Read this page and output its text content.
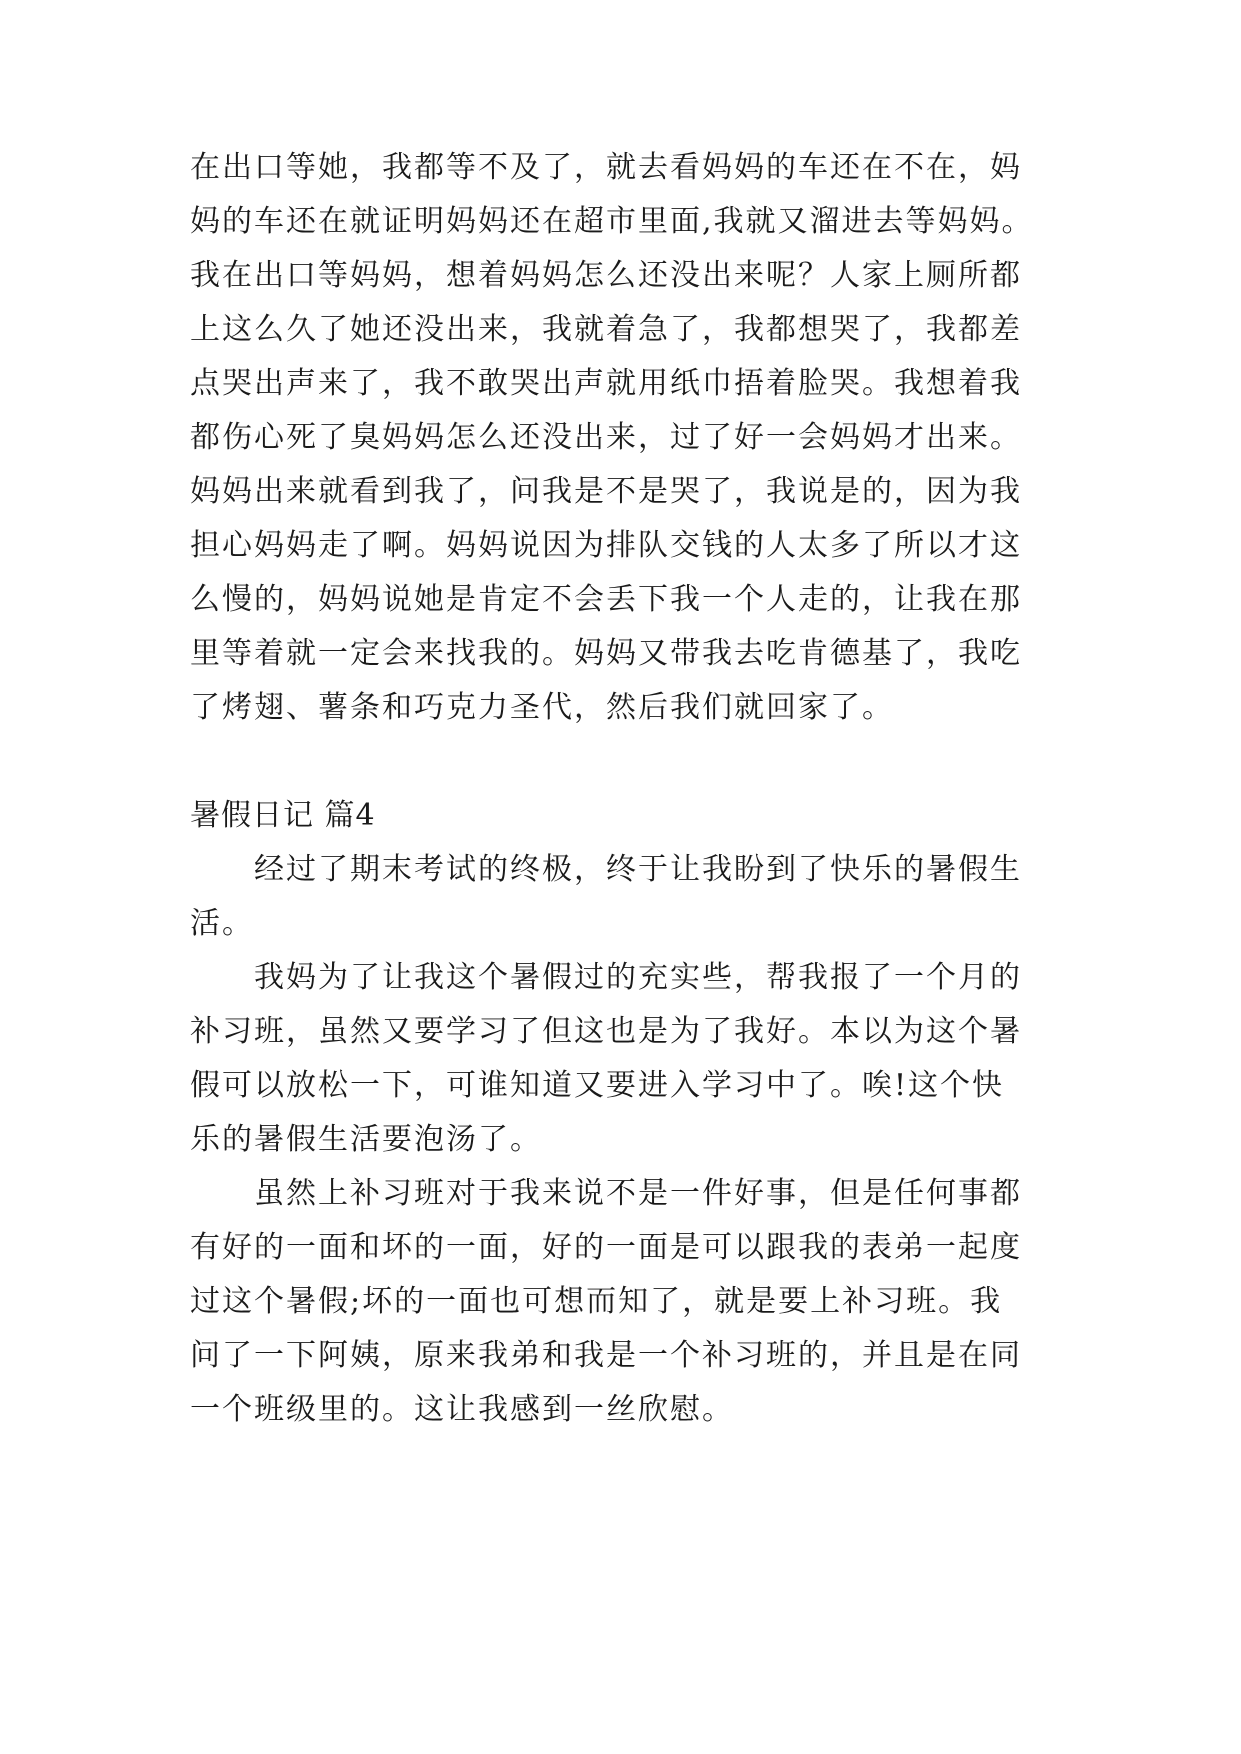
在出口等她，我都等不及了，就去看妈妈的车还在不在，妈
妈的车还在就证明妈妈还在超市里面,我就又溜进去等妈妈。
我在出口等妈妈，想着妈妈怎么还没出来呢？人家上厕所都
上这么久了她还没出来，我就着急了，我都想哭了，我都差
点哭出声来了，我不敢哭出声就用纸巾捂着脸哭。我想着我
都伤心死了臭妈妈怎么还没出来，过了好一会妈妈才出来。
妈妈出来就看到我了，问我是不是哭了，我说是的，因为我
担心妈妈走了啊。妈妈说因为排队交钱的人太多了所以才这
么慢的，妈妈说她是肯定不会丢下我一个人走的，让我在那
里等着就一定会来找我的。妈妈又带我去吃肯德基了，我吃
了烤翅、薯条和巧克力圣代，然后我们就回家了。
暑假日记 篇4
经过了期末考试的终极，终于让我盼到了快乐的暑假生
活。
我妈为了让我这个暑假过的充实些，帮我报了一个月的
补习班，虽然又要学习了但这也是为了我好。本以为这个暑
假可以放松一下，可谁知道又要进入学习中了。唉!这个快
乐的暑假生活要泡汤了。
虽然上补习班对于我来说不是一件好事，但是任何事都
有好的一面和坏的一面，好的一面是可以跟我的表弟一起度
过这个暑假;坏的一面也可想而知了，就是要上补习班。我
问了一下阿姨，原来我弟和我是一个补习班的，并且是在同
一个班级里的。这让我感到一丝欣慰。
